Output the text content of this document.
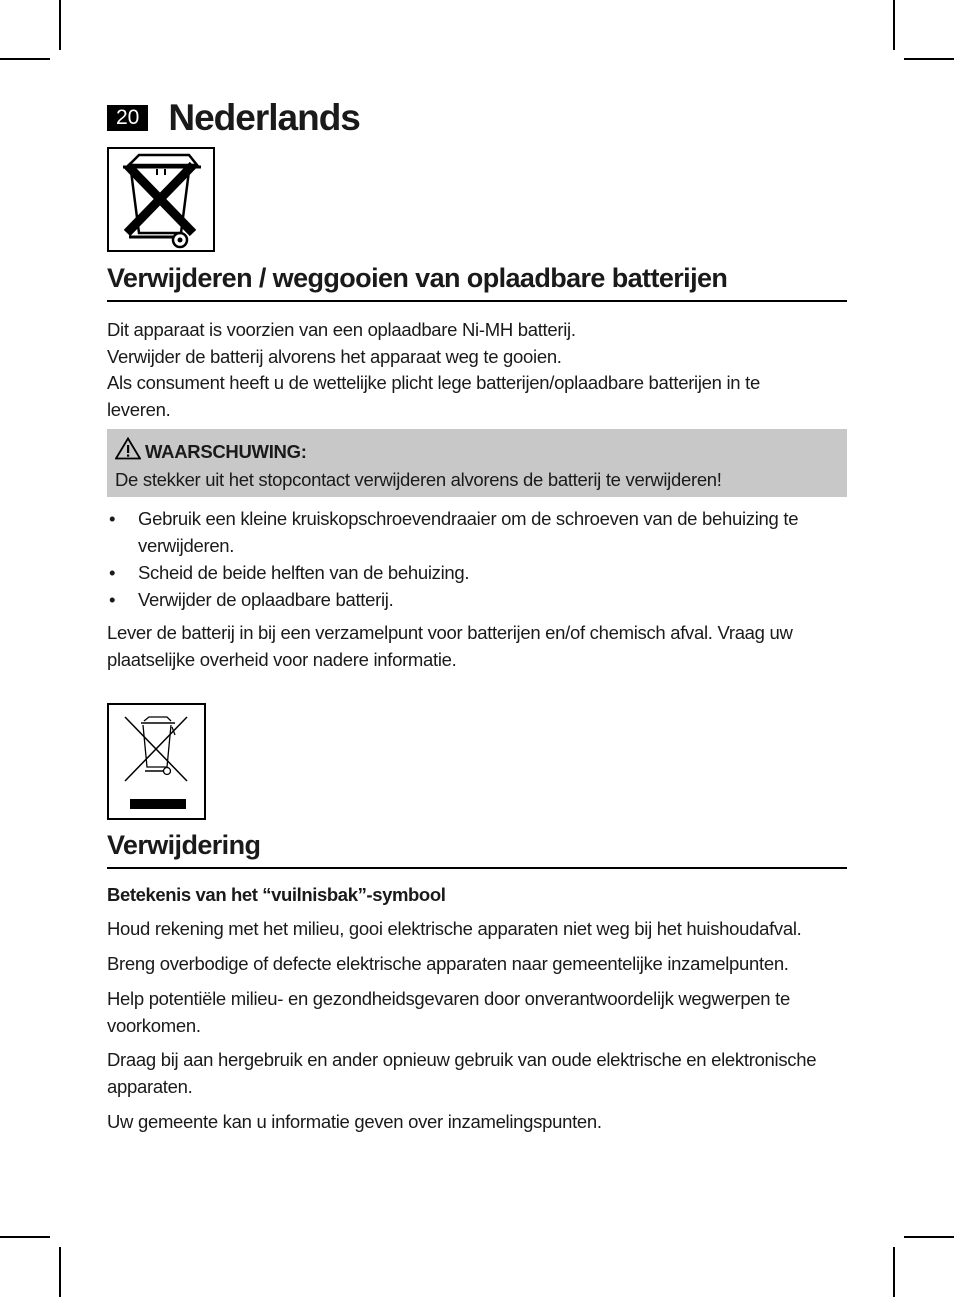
20 Nederlands
Verwijderen / weggooien van oplaadbare batterijen

Dit apparaat is voorzien van een oplaadbare Ni-MH batterij.

Verwijder de batterij alvorens het apparaat weg te gooien.

Als consument heeft u de wettelijke plicht lege batterijen/oplaadbare batterijen in te leveren.

WAARSCHUWING:
De stekker uit het stopcontact verwijderen alvorens de batterij te verwijderen!
• Gebruik een kleine kruiskopschroevendraaier om de schroeven van de behuizing te verwijderen.
• Scheid de beide helften van de behuizing.
• Verwijder de oplaadbare batterij.

Lever de batterij in bij een verzamelpunt voor batterijen en/of chemisch afval. Vraag uw plaatselijke overheid voor nadere informatie.

Verwijdering
Betekenis van het “vuilnisbak”-symbool

Houd rekening met het milieu, gooi elektrische apparaten niet weg bij het huishoudafval.

Breng overbodige of defecte elektrische apparaten naar gemeentelijke inzamelpunten.

Help potentiële milieu- en gezondheidsgevaren door onverantwoordelijk wegwerpen te voorkomen.

Draag bij aan hergebruik en ander opnieuw gebruik van oude elektrische en elektronische apparaten.

Uw gemeente kan u informatie geven over inzamelingspunten.
